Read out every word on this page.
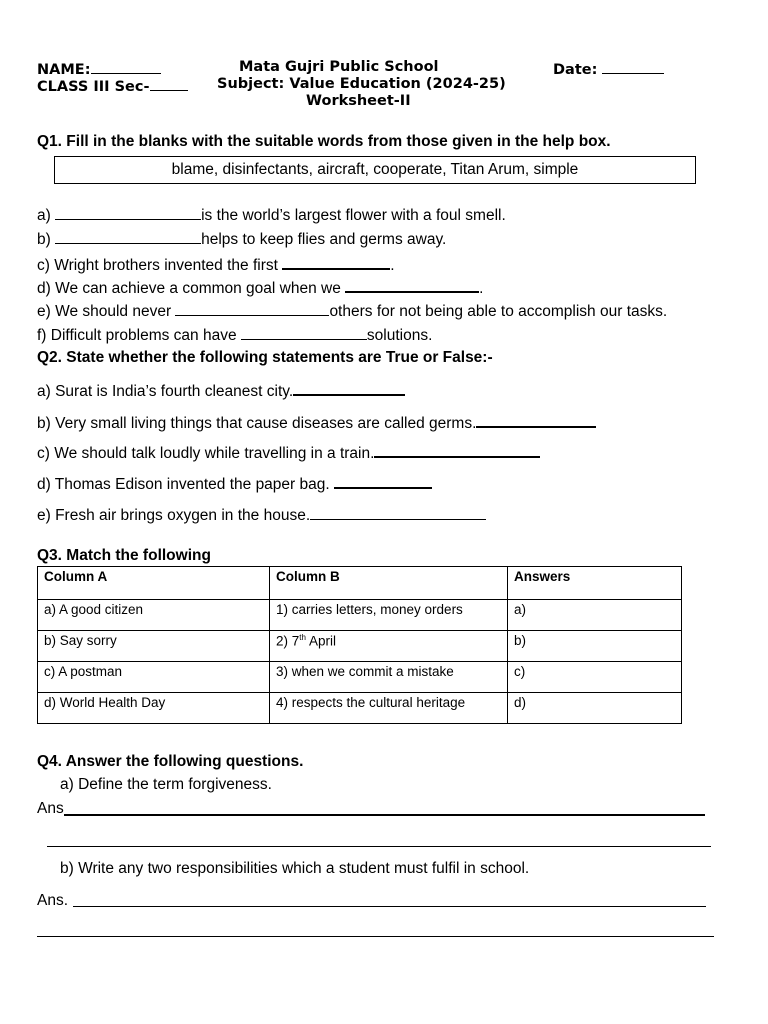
NAME:	Mata Gujri Public School	Date:
CLASS III Sec-	Subject: Value Education (2024-25)
Worksheet-II
Q1. Fill in the blanks with the suitable words from those given in the help box.
blame, disinfectants, aircraft, cooperate, Titan Arum, simple
a)	is the world’s largest flower with a foul smell.
b)	helps to keep flies and germs away.
c) Wright brothers invented the first	.
d) We can achieve a common goal when we	.
e) We should never	others for not being able to accomplish our tasks.
f) Difficult problems can have	solutions.
Q2. State whether the following statements are True or False:-
a) Surat is India’s fourth cleanest city.
b) Very small living things that cause diseases are called germs.
c) We should talk loudly while travelling in a train.
d) Thomas Edison invented the paper bag.
e) Fresh air brings oxygen in the house.
Q3. Match the following
Column A	Column B	Answers
a) A good citizen	1) carries letters, money orders	a)
b) Say sorry	2) 7th April	b)
c) A postman	3) when we commit a mistake	c)
d) World Health Day	4) respects the cultural heritage	d)
Q4. Answer the following questions.
a) Define the term forgiveness.
Ans
b) Write any two responsibilities which a student must fulfil in school.
Ans.
